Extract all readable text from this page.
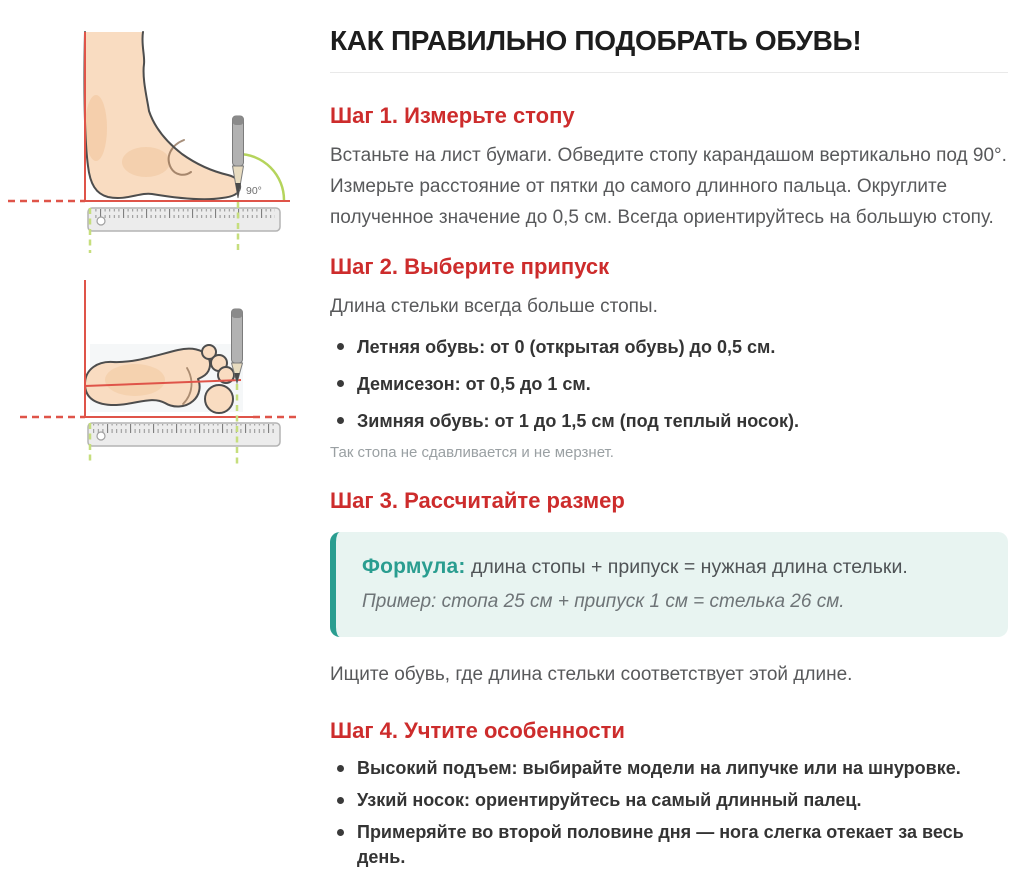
90°
КАК ПРАВИЛЬНО ПОДОБРАТЬ ОБУВЬ!
Шаг 1. Измерьте стопу

Встаньте на лист бумаги. Обведите стопу карандашом вертикально под 90°. Измерьте расстояние от пятки до самого длинного пальца. Округлите полученное значение до 0,5 см. Всегда ориентируйтесь на большую стопу.

Шаг 2. Выберите припуск

Длина стельки всегда больше стопы.

Летняя обувь: от 0 (открытая обувь) до 0,5 см.
Демисезон: от 0,5 до 1 см.
Зимняя обувь: от 1 до 1,5 см (под теплый носок).

Так стопа не сдавливается и не мерзнет.

Шаг 3. Рассчитайте размер

Формула: длина стопы + припуск = нужная длина стельки.

Пример: стопа 25 см + припуск 1 см = стелька 26 см.

Ищите обувь, где длина стельки соответствует этой длине.

Шаг 4. Учтите особенности
Высокий подъем: выбирайте модели на липучке или на шнуровке.
Узкий носок: ориентируйтесь на самый длинный палец.
Примеряйте во второй половине дня — нога слегка отекает за весь день.
